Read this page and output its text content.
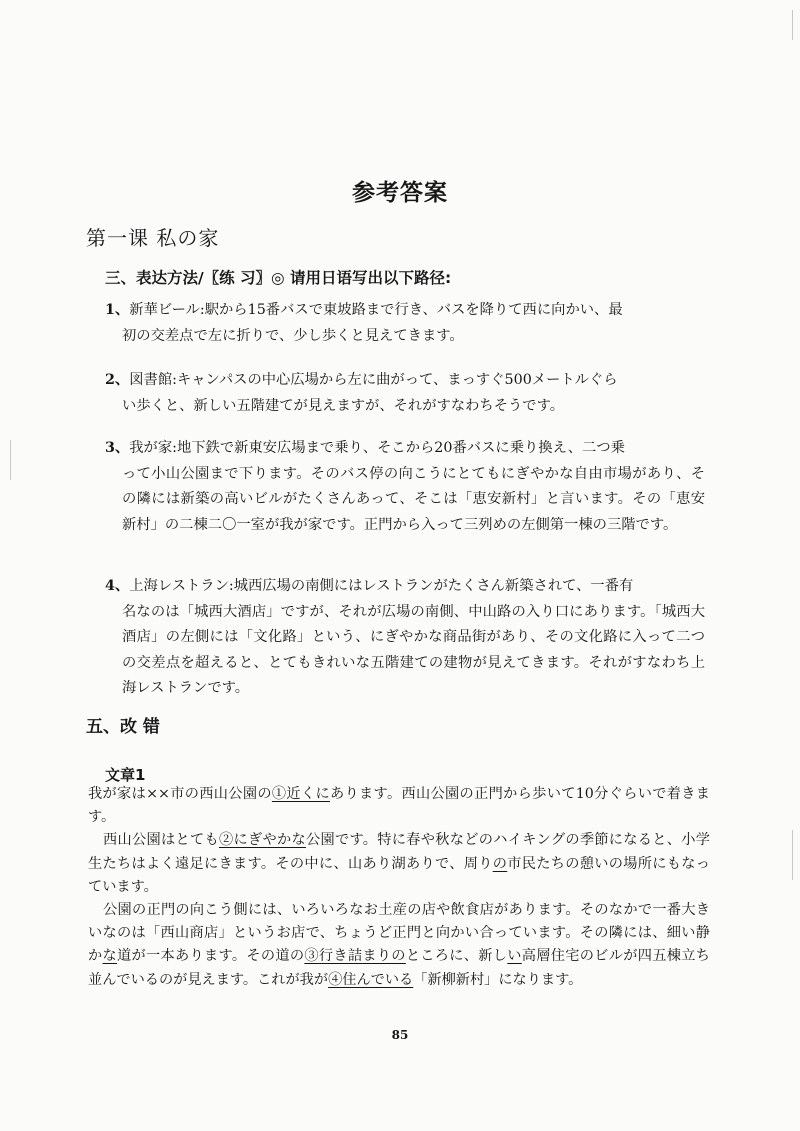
参考答案
第一课 私の家
三、表达方法/〖练 习〗◎ 请用日语写出以下路径:
1、新華ビール:駅から15番バスで東坡路まで行き、バスを降りて西に向かい、最
初の交差点で左に折りで、少し歩くと見えてきます。
2、図書館:キャンパスの中心広場から左に曲がって、まっすぐ500メートルぐら
い歩くと、新しい五階建てが見えますが、それがすなわちそうです。
3、我が家:地下鉄で新東安広場まで乗り、そこから20番バスに乗り換え、二つ乗
って小山公園まで下ります。そのバス停の向こうにとてもにぎやかな自由市場があり、その隣には新築の高いビルがたくさんあって、そこは「恵安新村」と言います。その「恵安新村」の二棟二〇一室が我が家です。正門から入って三列めの左側第一棟の三階です。
4、上海レストラン:城西広場の南側にはレストランがたくさん新築されて、一番有
名なのは「城西大酒店」ですが、それが広場の南側、中山路の入り口にあります。「城西大酒店」の左側には「文化路」という、にぎやかな商品街があり、その文化路に入って二つの交差点を超えると、とてもきれいな五階建ての建物が見えてきます。それがすなわち上海レストランです。
五、改 错
文章1

我が家は××市の西山公園の①近くにあります。西山公園の正門から歩いて10分ぐらいで着きます。

西山公園はとても②にぎやかな公園です。特に春や秋などのハイキングの季節になると、小学生たちはよく遠足にきます。その中に、山あり湖ありで、周りの市民たちの憩いの場所にもなっています。

公園の正門の向こう側には、いろいろなお土産の店や飲食店があります。そのなかで一番大きいなのは「西山商店」というお店で、ちょうど正門と向かい合っています。その隣には、細い静かな道が一本あります。その道の③行き詰まりのところに、新しい高層住宅のビルが四五棟立ち並んでいるのが見えます。これが我が④住んでいる「新柳新村」になります。

85
